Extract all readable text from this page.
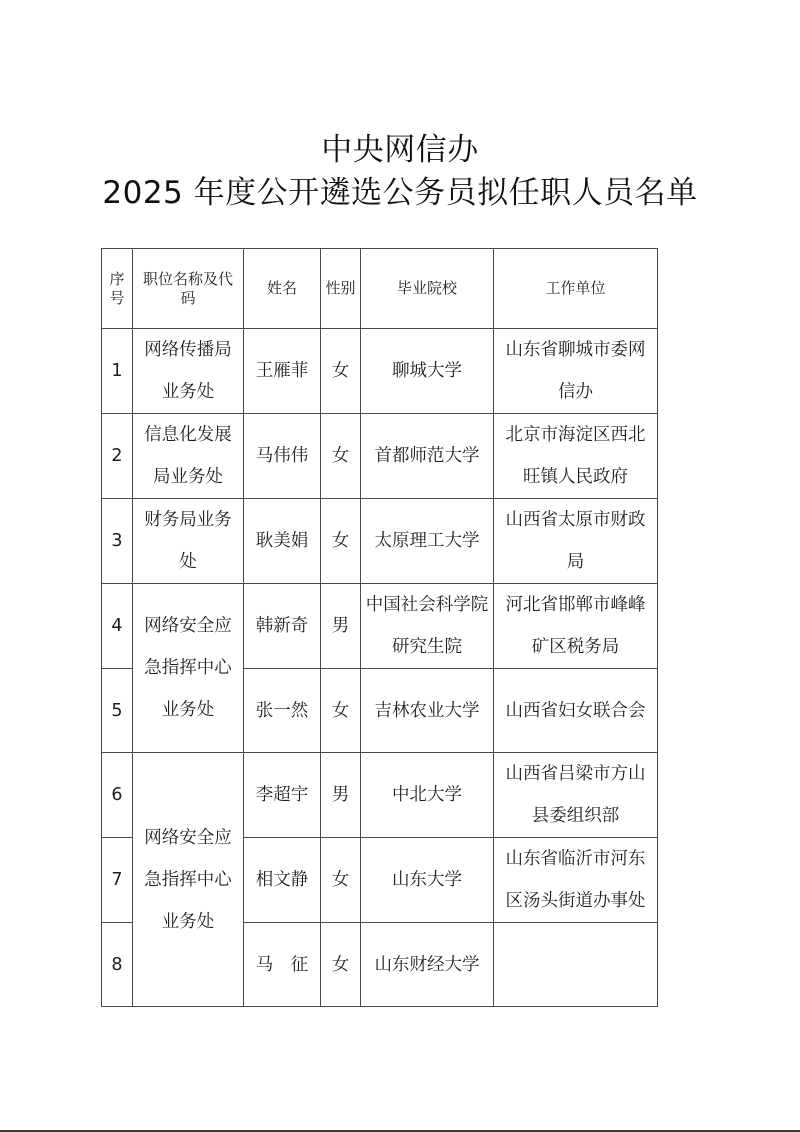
中央网信办
2025 年度公开遴选公务员拟任职人员名单
序号	职位名称及代码	姓名	性别	毕业院校	工作单位
1	网络传播局业务处	王雁菲	女	聊城大学	山东省聊城市委网信办
2	信息化发展局业务处	马伟伟	女	首都师范大学	北京市海淀区西北旺镇人民政府
3	财务局业务处	耿美娟	女	太原理工大学	山西省太原市财政局
4	网络安全应急指挥中心业务处	韩新奇	男	中国社会科学院研究生院	河北省邯郸市峰峰矿区税务局
5		张一然	女	吉林农业大学	山西省妇女联合会
6	网络安全应急指挥中心业务处	李超宇	男	中北大学	山西省吕梁市方山县委组织部
7		相文静	女	山东大学	山东省临沂市河东区汤头街道办事处
8		马　征	女	山东财经大学	
